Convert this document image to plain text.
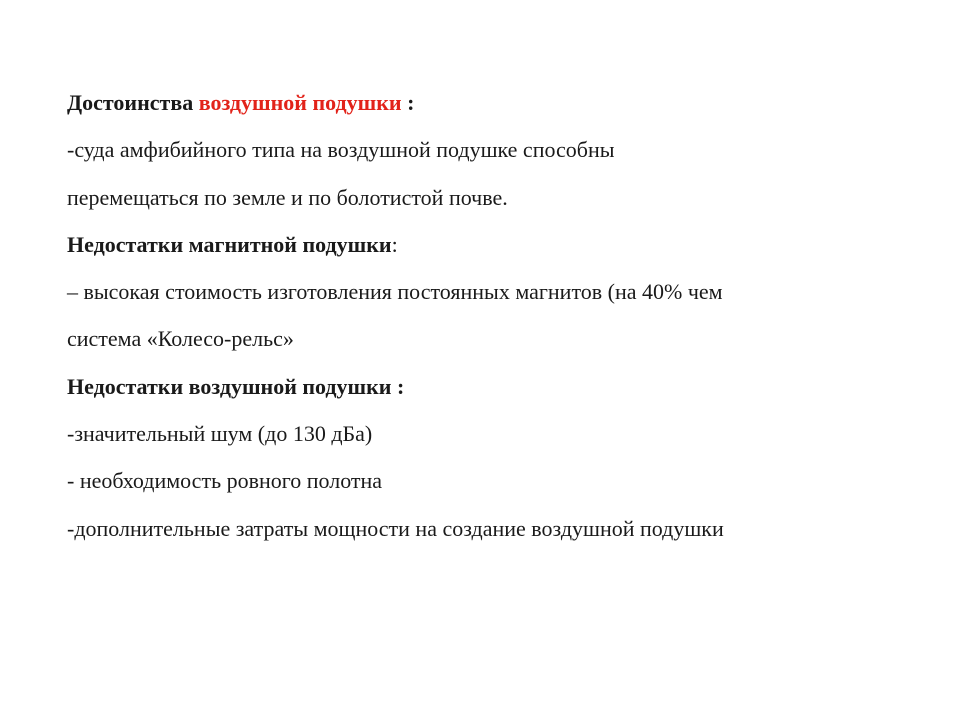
Достоинства воздушной подушки :
-суда амфибийного типа на воздушной подушке способны
перемещаться по земле и по болотистой почве.
Недостатки магнитной подушки:
– высокая стоимость изготовления постоянных магнитов (на 40% чем
система «Колесо-рельс»
Недостатки воздушной подушки :
-значительный шум (до 130 дБа)
- необходимость ровного полотна
-дополнительные затраты мощности на создание воздушной подушки
